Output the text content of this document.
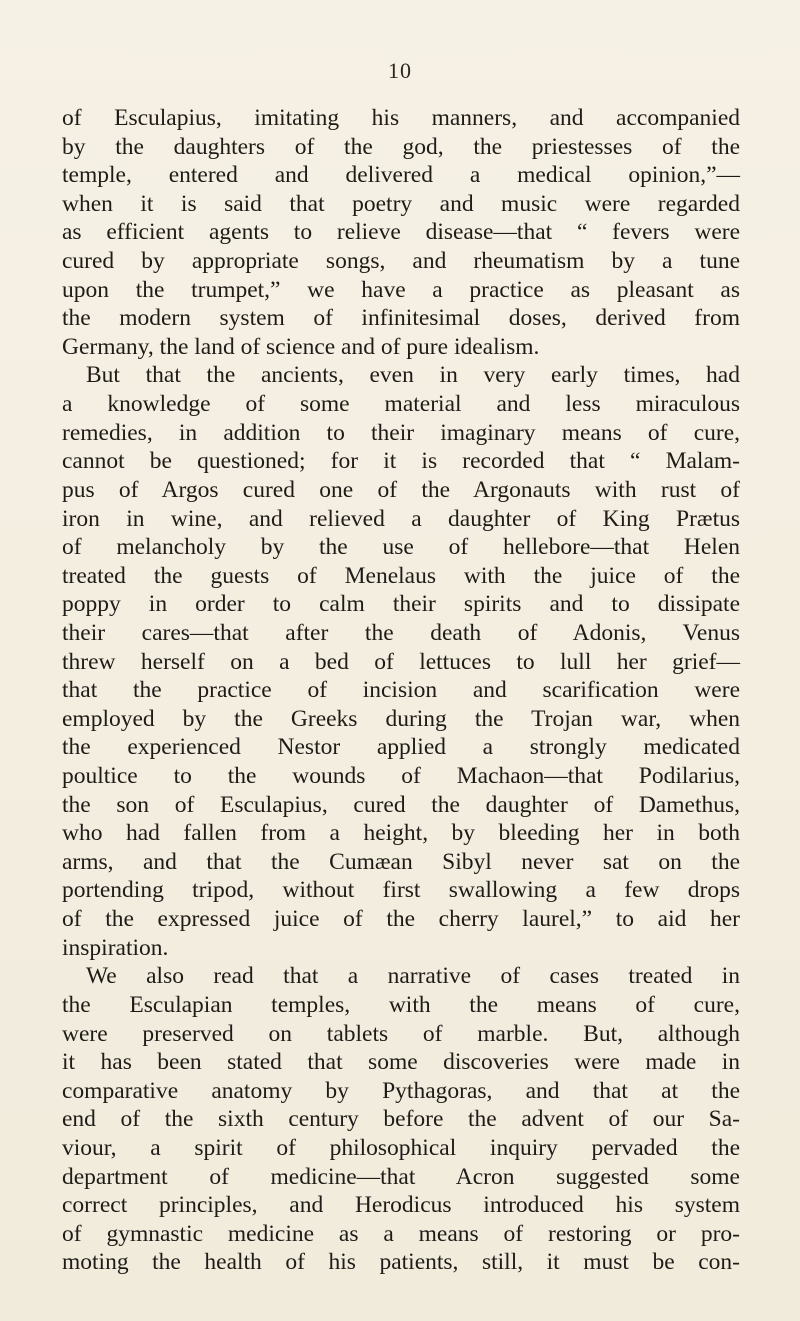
10
of Esculapius, imitating his manners, and accompanied
by the daughters of the god, the priestesses of the
temple, entered and delivered a medical opinion,”—
when it is said that poetry and music were regarded
as efficient agents to relieve disease—that “ fevers were
cured by appropriate songs, and rheumatism by a tune
upon the trumpet,” we have a practice as pleasant as
the modern system of infinitesimal doses, derived from
Germany, the land of science and of pure idealism.
But that the ancients, even in very early times, had
a knowledge of some material and less miraculous
remedies, in addition to their imaginary means of cure,
cannot be questioned; for it is recorded that “ Malam-
pus of Argos cured one of the Argonauts with rust of
iron in wine, and relieved a daughter of King Prætus
of melancholy by the use of hellebore—that Helen
treated the guests of Menelaus with the juice of the
poppy in order to calm their spirits and to dissipate
their cares—that after the death of Adonis, Venus
threw herself on a bed of lettuces to lull her grief—
that the practice of incision and scarification were
employed by the Greeks during the Trojan war, when
the experienced Nestor applied a strongly medicated
poultice to the wounds of Machaon—that Podilarius,
the son of Esculapius, cured the daughter of Damethus,
who had fallen from a height, by bleeding her in both
arms, and that the Cumæan Sibyl never sat on the
portending tripod, without first swallowing a few drops
of the expressed juice of the cherry laurel,” to aid her
inspiration.
We also read that a narrative of cases treated in
the Esculapian temples, with the means of cure,
were preserved on tablets of marble. But, although
it has been stated that some discoveries were made in
comparative anatomy by Pythagoras, and that at the
end of the sixth century before the advent of our Sa-
viour, a spirit of philosophical inquiry pervaded the
department of medicine—that Acron suggested some
correct principles, and Herodicus introduced his system
of gymnastic medicine as a means of restoring or pro-
moting the health of his patients, still, it must be con-
